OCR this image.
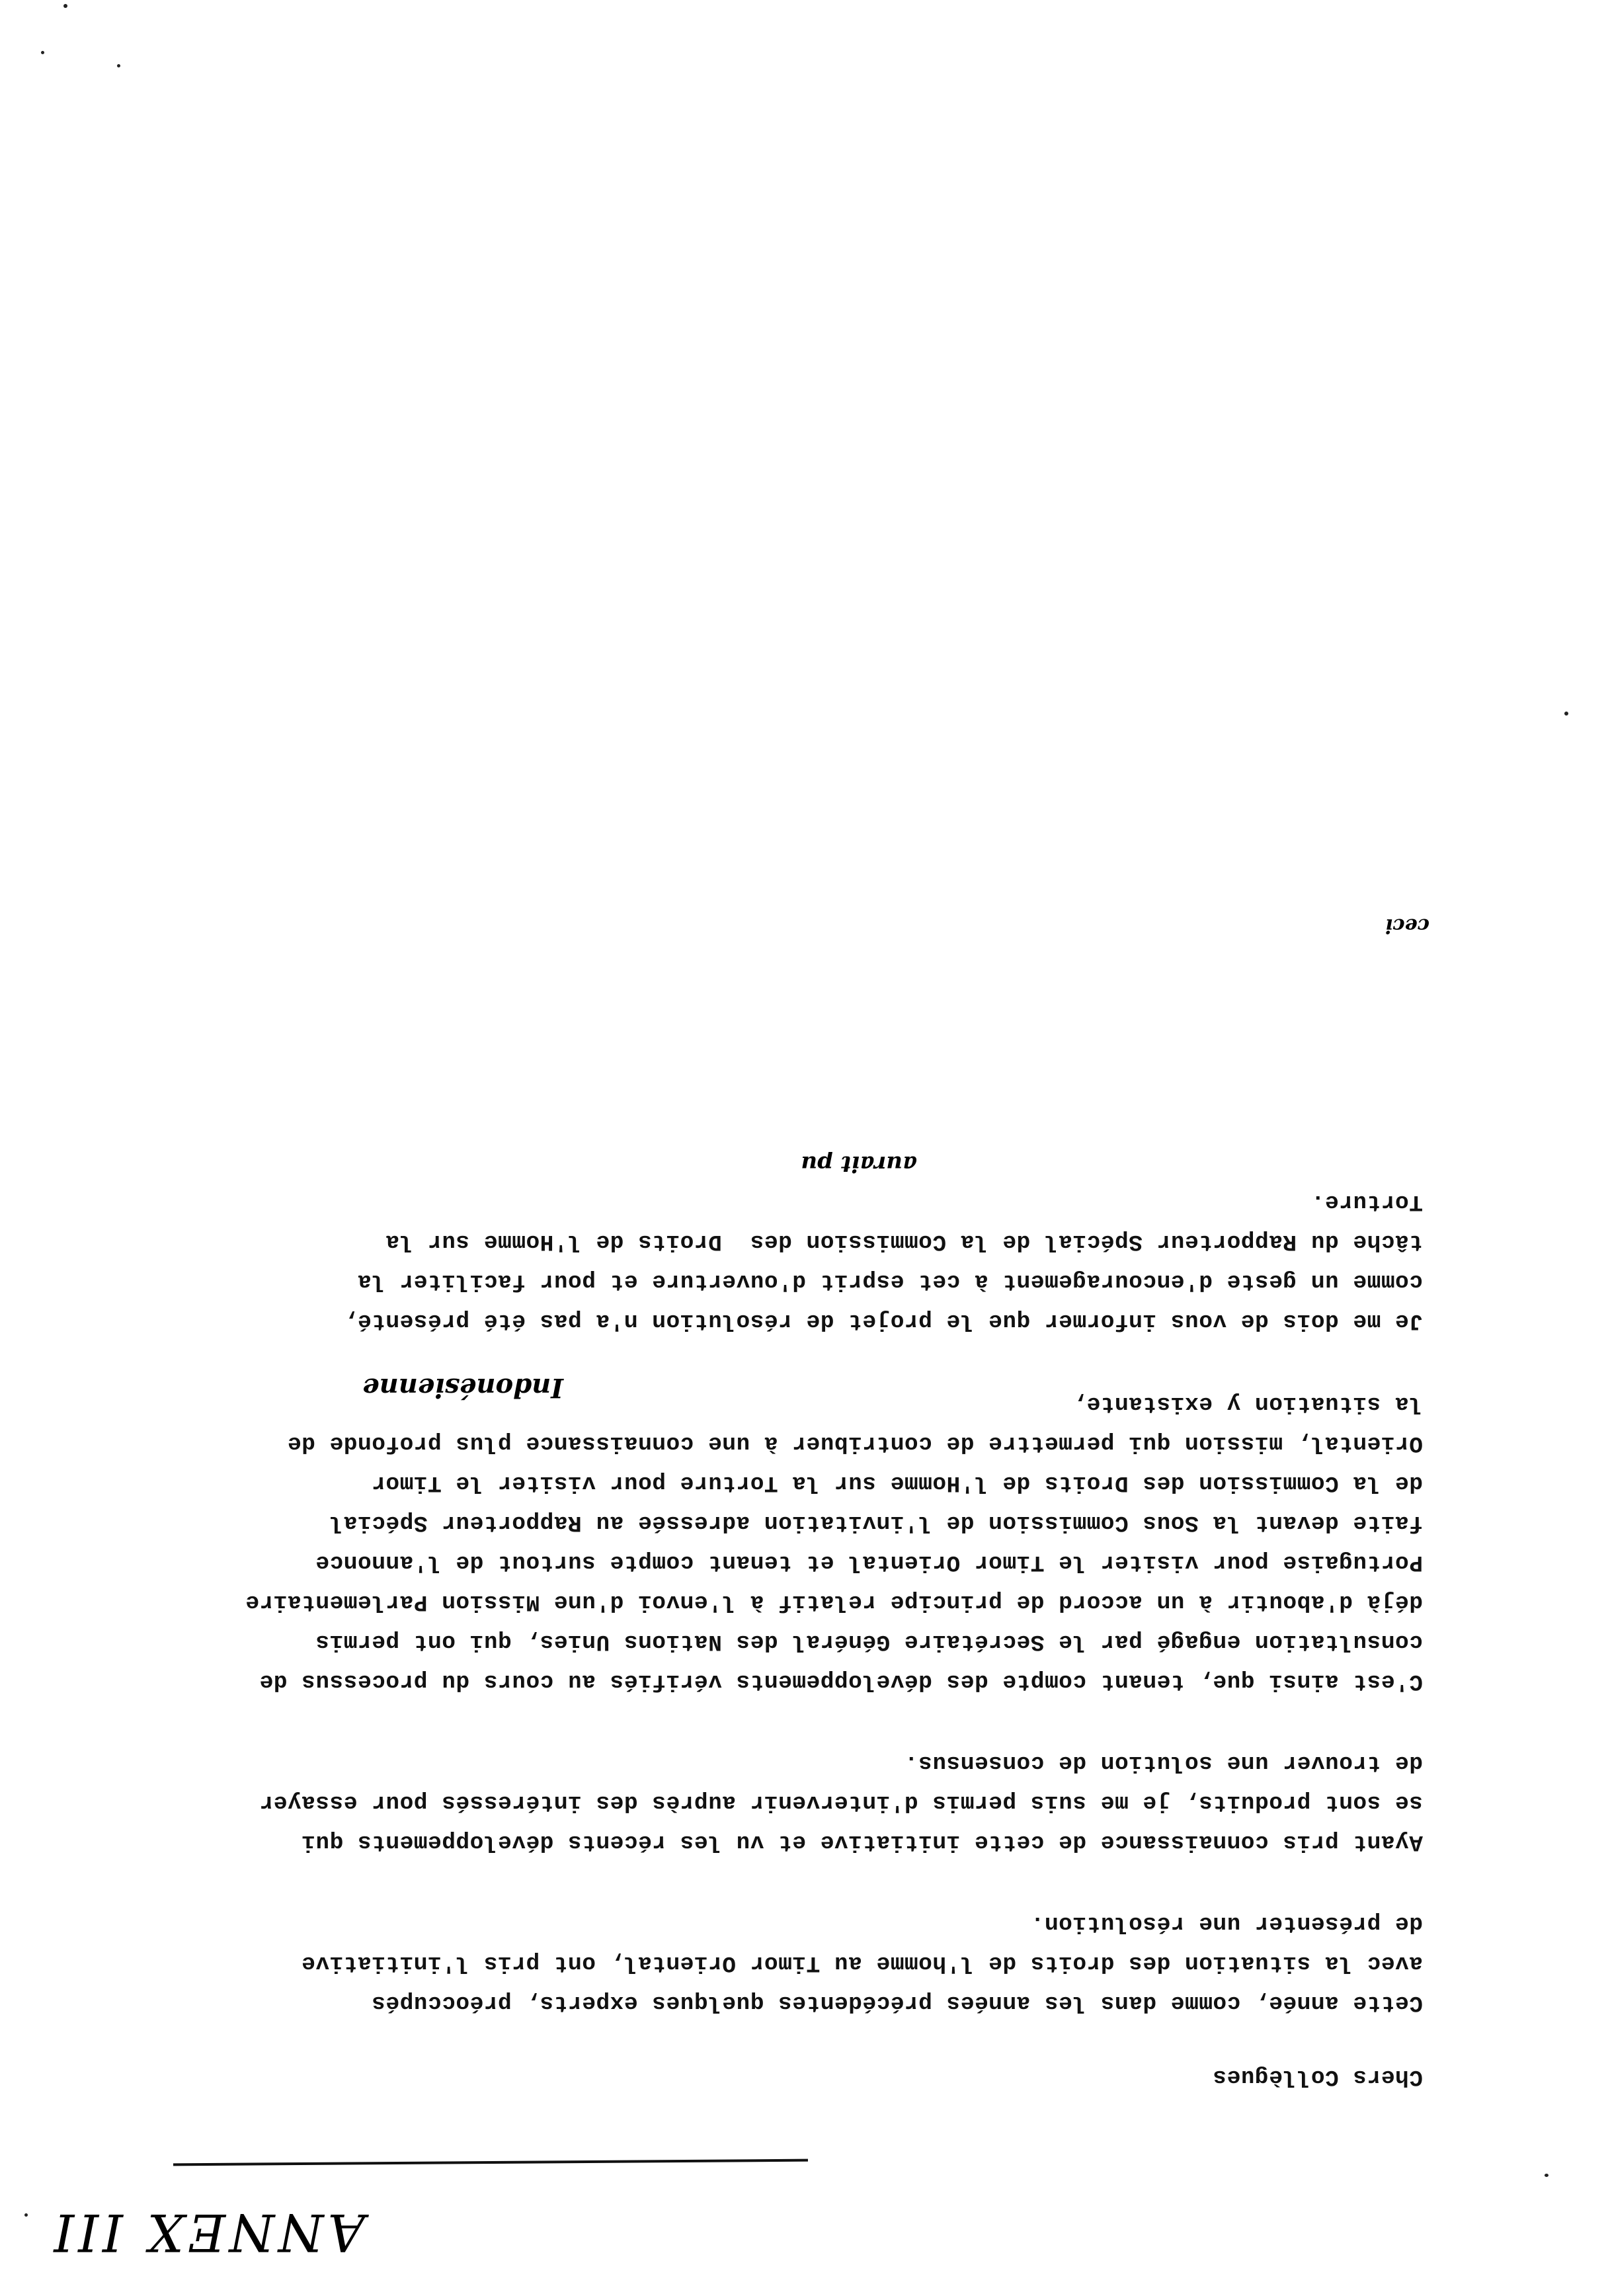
ANNEX III

Chers Collègues

Cette année, comme dans les années précédentes quelques experts, préoccupés

avec la situation des droits de l'homme au Timor Oriental, ont pris l'initiative

de présenter une résolution.

Ayant pris connaissance de cette initiative et vu les récents développements qui

se sont produits, je me suis permis d'intervenir auprès des intéressés pour essayer

de trouver une solution de consensus.

C'est ainsi que, tenant compte des développements vérifiés au cours du processus de

consultation engagé par le Secrétaire Général des Nations Unies, qui ont permis

déjà d'aboutir à un accord de principe relatif à l'envoi d'une Mission Parlementaire

Portugaise pour visiter le Timor Oriental et tenant compte surtout de l'annonce

faite devant la Sous Commission de l'invitation adressée au Rapporteur Spécial

de la Commission des Droits de l'Homme sur la Torture pour visiter le Timor

Oriental, mission qui permettre de contribuer à une connaissance plus profonde de

la situation y existante,

Je me dois de vous informer que le projet de résolution n'a pas été présenté,

comme un geste d'encouragement à cet esprit d'ouverture et pour faciliter la

tâche du Rapporteur Spécial de la Commission des  Droits de l'Homme sur la

Torture.

Indonésienne
aurait pu
ceci
